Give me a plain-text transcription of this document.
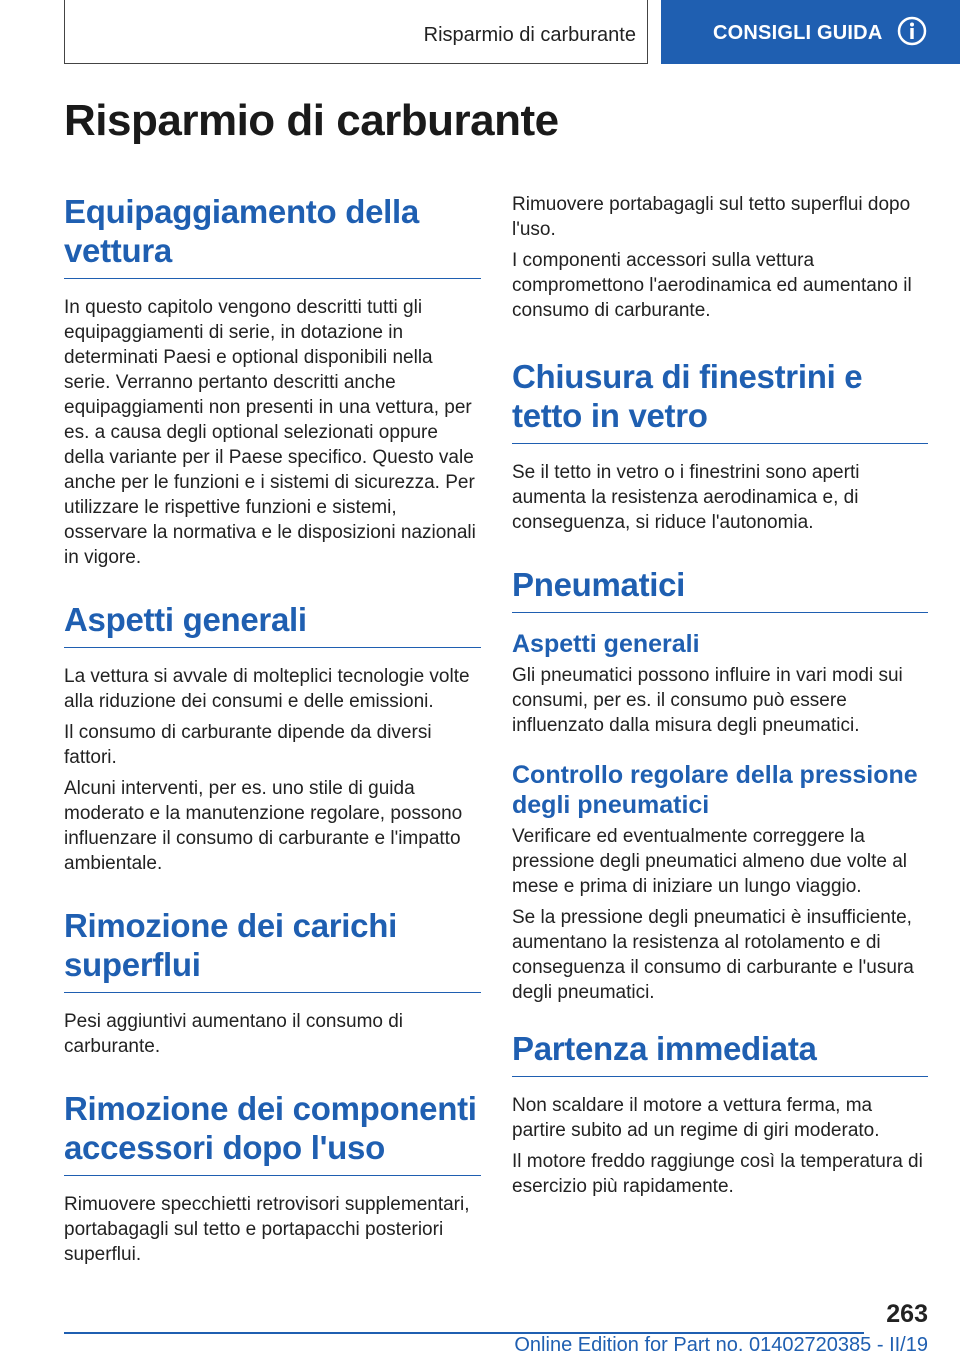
Risparmio di carburante	CONSIGLI GUIDA
Risparmio di carburante
Equipaggiamento della vettura

In questo capitolo vengono descritti tutti gli equipaggiamenti di serie, in dotazione in determinati Paesi e optional disponibili nella serie. Verranno pertanto descritti anche equipaggiamenti non presenti in una vettura, per es. a causa degli optional selezionati oppure della variante per il Paese specifico. Questo vale anche per le funzioni e i sistemi di sicurezza. Per utilizzare le rispettive funzioni e sistemi, osservare la normativa e le disposizioni nazionali in vigore.

Aspetti generali

La vettura si avvale di molteplici tecnologie volte alla riduzione dei consumi e delle emissioni.

Il consumo di carburante dipende da diversi fattori.

Alcuni interventi, per es. uno stile di guida moderato e la manutenzione regolare, possono influenzare il consumo di carburante e l'impatto ambientale.

Rimozione dei carichi superflui

Pesi aggiuntivi aumentano il consumo di carburante.

Rimozione dei componenti accessori dopo l'uso

Rimuovere specchietti retrovisori supplementari, portabagagli sul tetto e portapacchi posteriori superflui.

Rimuovere portabagagli sul tetto superflui dopo l'uso.

I componenti accessori sulla vettura compromettono l'aerodinamica ed aumentano il consumo di carburante.

Chiusura di finestrini e tetto in vetro

Se il tetto in vetro o i finestrini sono aperti aumenta la resistenza aerodinamica e, di conseguenza, si riduce l'autonomia.

Pneumatici
Aspetti generali

Gli pneumatici possono influire in vari modi sui consumi, per es. il consumo può essere influenzato dalla misura degli pneumatici.

Controllo regolare della pressione degli pneumatici

Verificare ed eventualmente correggere la pressione degli pneumatici almeno due volte al mese e prima di iniziare un lungo viaggio.

Se la pressione degli pneumatici è insufficiente, aumentano la resistenza al rotolamento e di conseguenza il consumo di carburante e l'usura degli pneumatici.

Partenza immediata

Non scaldare il motore a vettura ferma, ma partire subito ad un regime di giri moderato.

Il motore freddo raggiunge così la temperatura di esercizio più rapidamente.

263
Online Edition for Part no. 01402720385 - II/19
